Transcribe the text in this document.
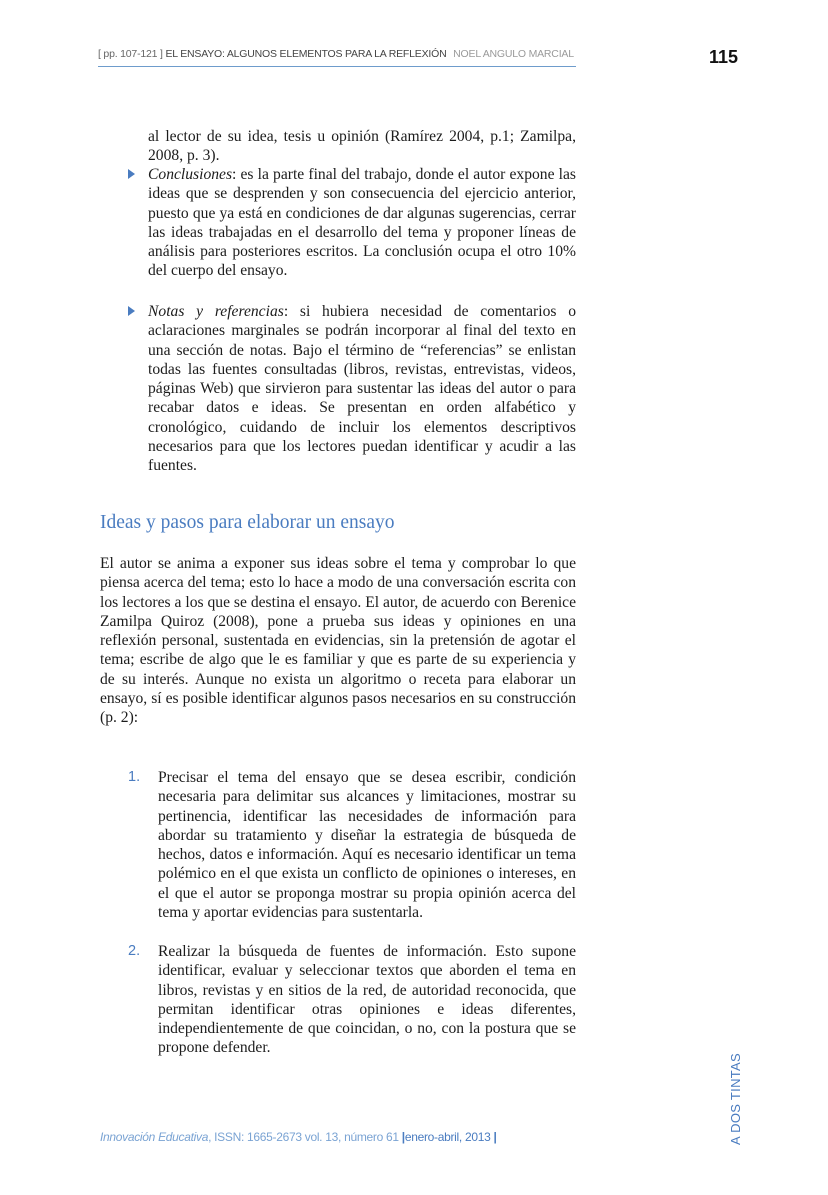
[ pp. 107-121 ] EL ENSAYO: ALGUNOS ELEMENTOS PARA LA REFLEXIÓN NOEL ANGULO MARCIAL	115

al lector de su idea, tesis u opinión (Ramírez 2004, p.1; Zamilpa, 2008, p. 3).

Conclusiones: es la parte final del trabajo, donde el autor expone las ideas que se desprenden y son consecuencia del ejercicio anterior, puesto que ya está en condiciones de dar algunas sugerencias, cerrar las ideas trabajadas en el desarrollo del tema y proponer líneas de análisis para posteriores escritos. La conclusión ocupa el otro 10% del cuerpo del ensayo.

Notas y referencias: si hubiera necesidad de comentarios o aclaraciones marginales se podrán incorporar al final del texto en una sección de notas. Bajo el término de “referencias” se enlistan todas las fuentes consultadas (libros, revistas, entrevistas, videos, páginas Web) que sirvieron para sustentar las ideas del autor o para recabar datos e ideas. Se presentan en orden alfabético y cronológico, cuidando de incluir los elementos descriptivos necesarios para que los lectores puedan identificar y acudir a las fuentes.

Ideas y pasos para elaborar un ensayo

El autor se anima a exponer sus ideas sobre el tema y comprobar lo que piensa acerca del tema; esto lo hace a modo de una conversación escrita con los lectores a los que se destina el ensayo. El autor, de acuerdo con Berenice Zamilpa Quiroz (2008), pone a prueba sus ideas y opiniones en una reflexión personal, sustentada en evidencias, sin la pretensión de agotar el tema; escribe de algo que le es familiar y que es parte de su experiencia y de su interés. Aunque no exista un algoritmo o receta para elaborar un ensayo, sí es posible identificar algunos pasos necesarios en su construcción (p. 2):

1. Precisar el tema del ensayo que se desea escribir, condición necesaria para delimitar sus alcances y limitaciones, mostrar su pertinencia, identificar las necesidades de información para abordar su tratamiento y diseñar la estrategia de búsqueda de hechos, datos e información. Aquí es necesario identificar un tema polémico en el que exista un conflicto de opiniones o intereses, en el que el autor se proponga mostrar su propia opinión acerca del tema y aportar evidencias para sustentarla.

2. Realizar la búsqueda de fuentes de información. Esto supone identificar, evaluar y seleccionar textos que aborden el tema en libros, revistas y en sitios de la red, de autoridad reconocida, que permitan identificar otras opiniones e ideas diferentes, independientemente de que coincidan, o no, con la postura que se propone defender.

Innovación Educativa, ISSN: 1665-2673 vol. 13, número 61 |enero-abril, 2013 |	A DOS TINTAS
